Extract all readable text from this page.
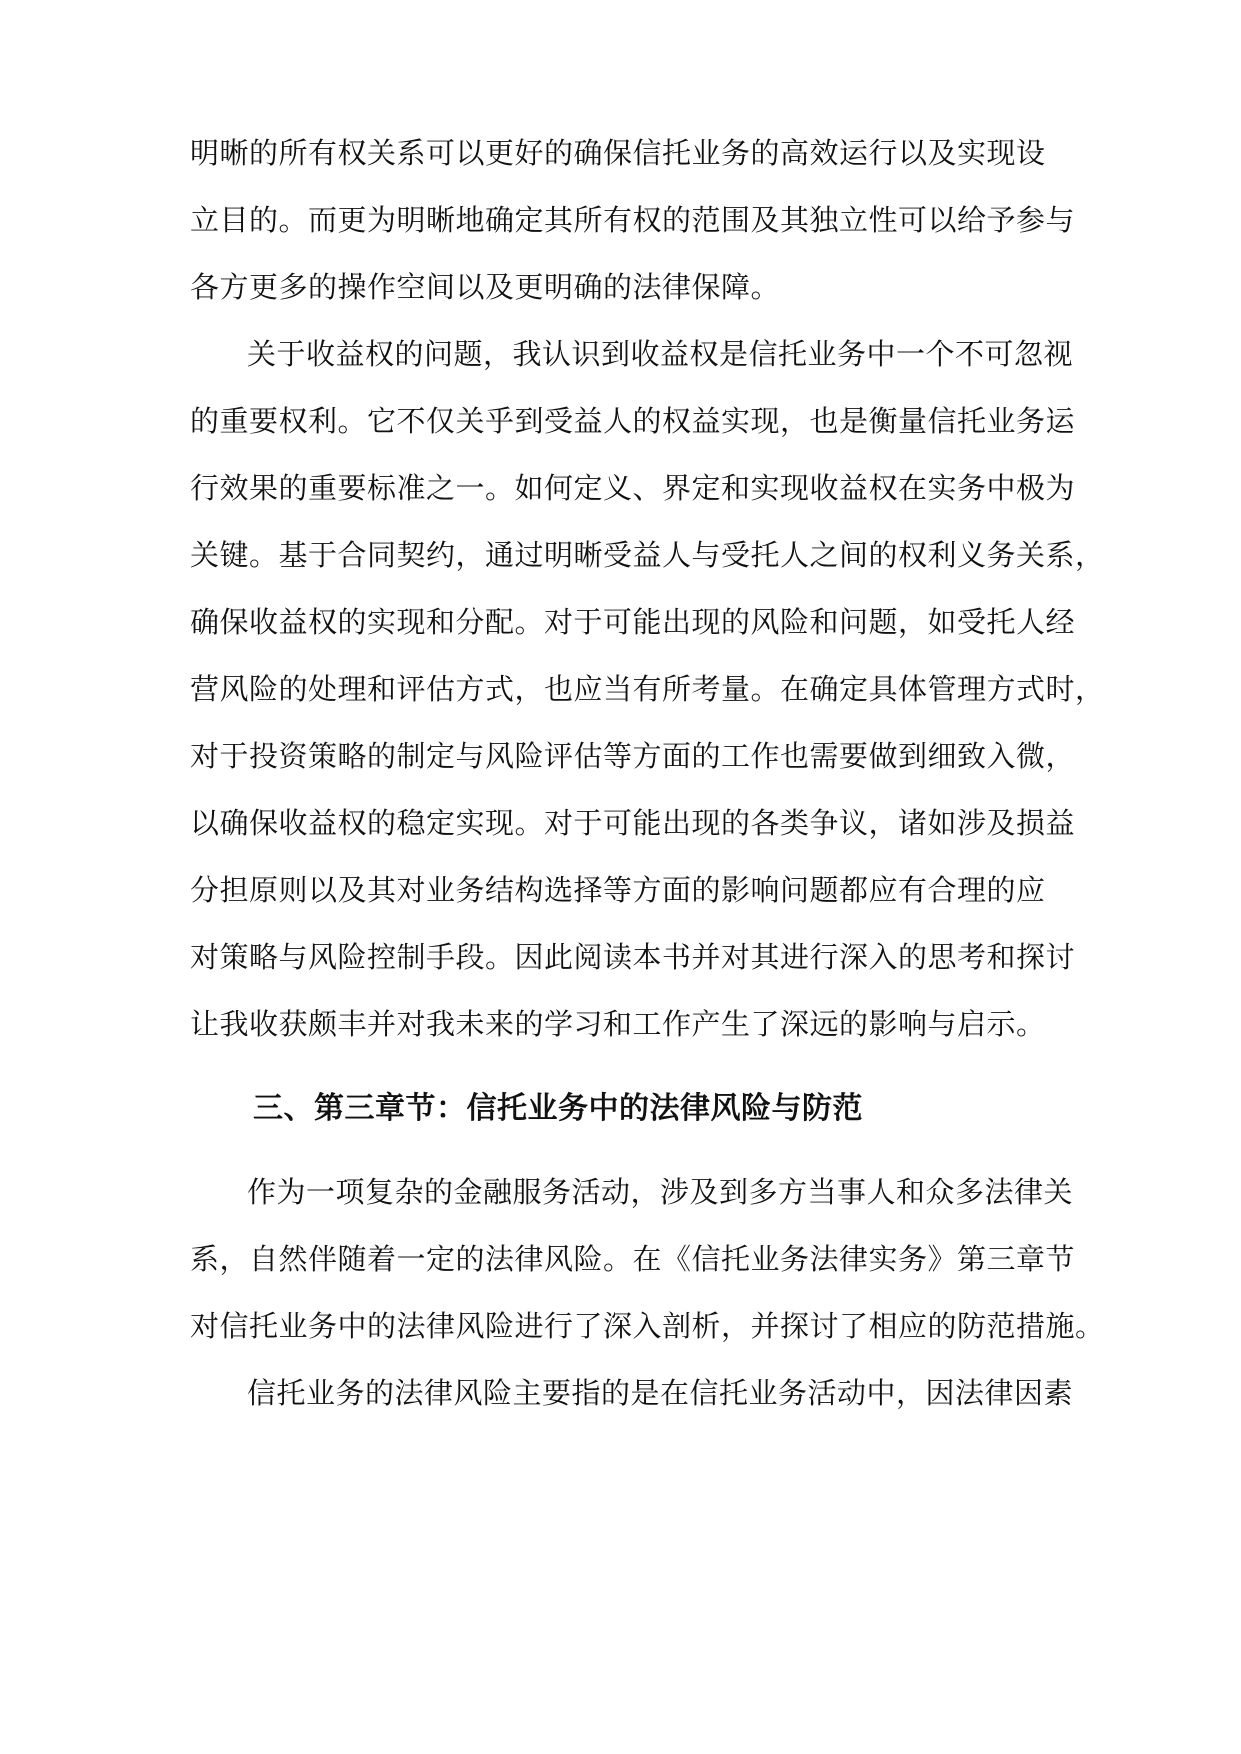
明晰的所有权关系可以更好的确保信托业务的高效运行以及实现设
立目的。而更为明晰地确定其所有权的范围及其独立性可以给予参与
各方更多的操作空间以及更明确的法律保障。
关于收益权的问题，我认识到收益权是信托业务中一个不可忽视
的重要权利。它不仅关乎到受益人的权益实现，也是衡量信托业务运
行效果的重要标准之一。如何定义、界定和实现收益权在实务中极为
关键。基于合同契约，通过明晰受益人与受托人之间的权利义务关系，
确保收益权的实现和分配。对于可能出现的风险和问题，如受托人经
营风险的处理和评估方式，也应当有所考量。在确定具体管理方式时，
对于投资策略的制定与风险评估等方面的工作也需要做到细致入微，
以确保收益权的稳定实现。对于可能出现的各类争议，诸如涉及损益
分担原则以及其对业务结构选择等方面的影响问题都应有合理的应
对策略与风险控制手段。因此阅读本书并对其进行深入的思考和探讨
让我收获颇丰并对我未来的学习和工作产生了深远的影响与启示。
三、第三章节：信托业务中的法律风险与防范
作为一项复杂的金融服务活动，涉及到多方当事人和众多法律关
系，自然伴随着一定的法律风险。在《信托业务法律实务》第三章节
对信托业务中的法律风险进行了深入剖析，并探讨了相应的防范措施。
信托业务的法律风险主要指的是在信托业务活动中，因法律因素
